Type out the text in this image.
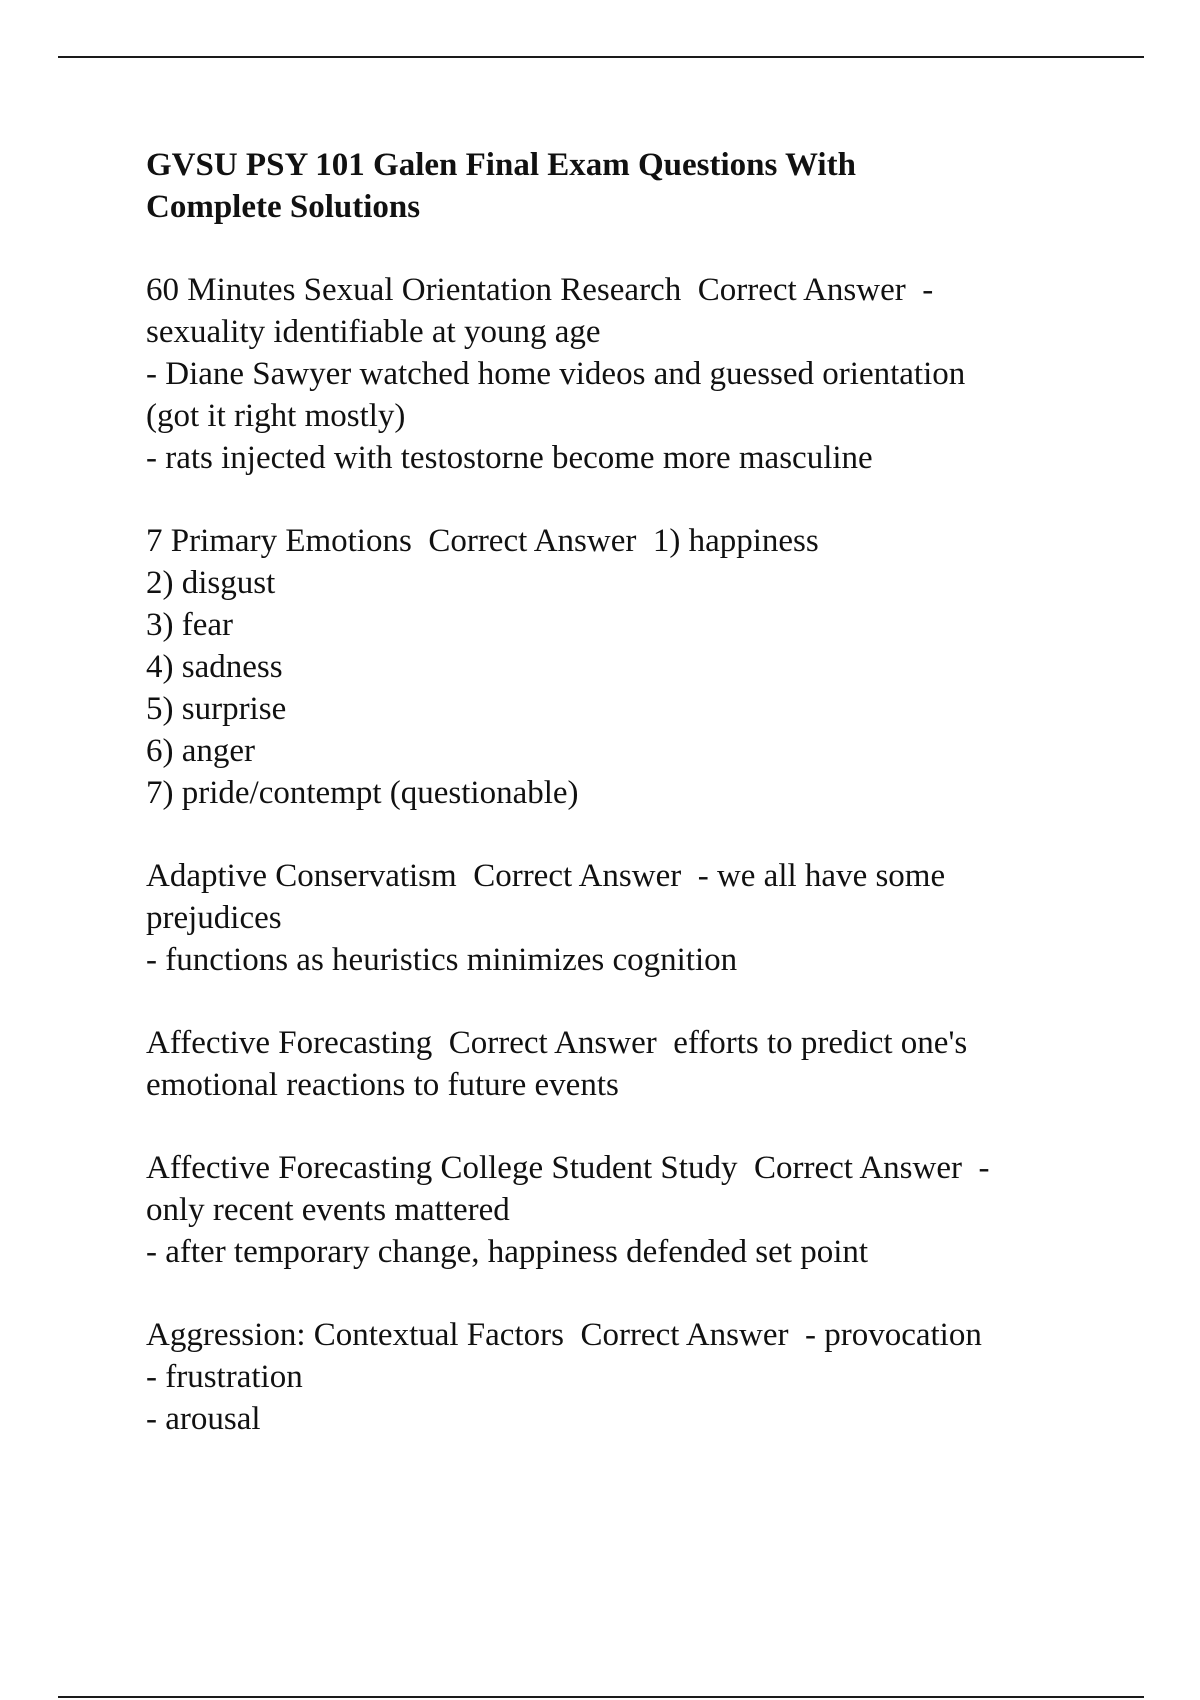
GVSU PSY 101 Galen Final Exam Questions With
Complete Solutions
60 Minutes Sexual Orientation Research  Correct Answer  -
sexuality identifiable at young age
- Diane Sawyer watched home videos and guessed orientation
(got it right mostly)
- rats injected with testostorne become more masculine
7 Primary Emotions  Correct Answer  1) happiness
2) disgust
3) fear
4) sadness
5) surprise
6) anger
7) pride/contempt (questionable)
Adaptive Conservatism  Correct Answer  - we all have some
prejudices
- functions as heuristics minimizes cognition
Affective Forecasting  Correct Answer  efforts to predict one's
emotional reactions to future events
Affective Forecasting College Student Study  Correct Answer  -
only recent events mattered
- after temporary change, happiness defended set point
Aggression: Contextual Factors  Correct Answer  - provocation
- frustration
- arousal
